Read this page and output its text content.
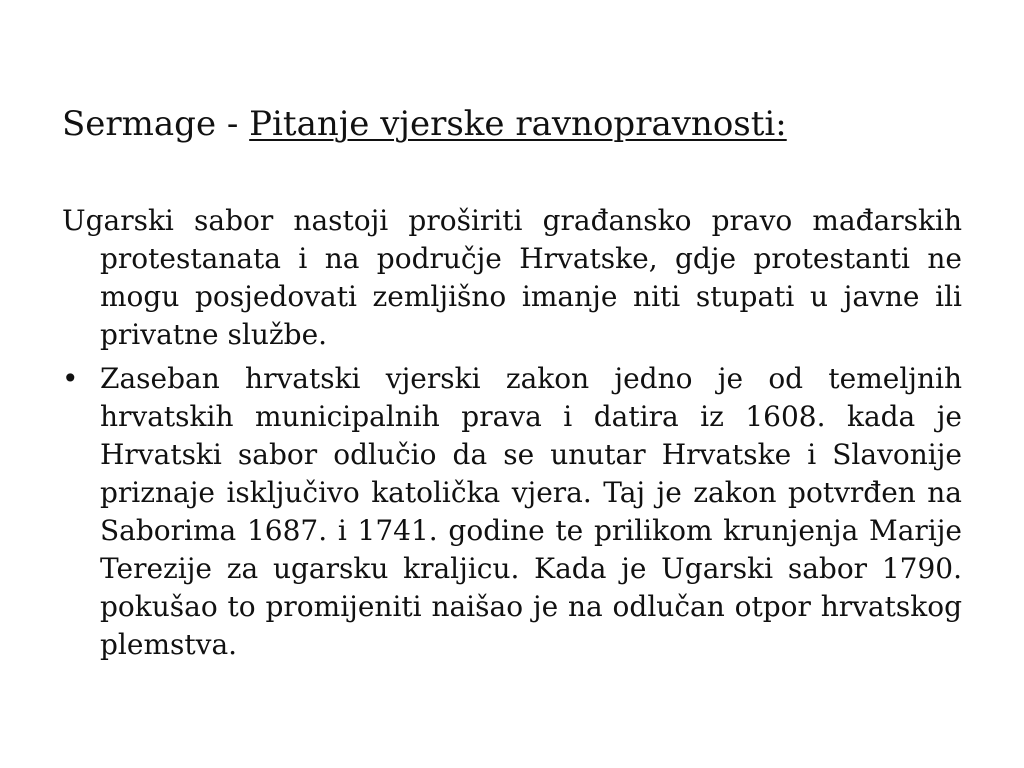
Sermage - Pitanje vjerske ravnopravnosti:

Ugarski sabor nastoji proširiti građansko pravo mađarskih protestanata i na područje Hrvatske, gdje protestanti ne mogu posjedovati zemljišno imanje niti stupati u javne ili privatne službe.

• Zaseban hrvatski vjerski zakon jedno je od temeljnih hrvatskih municipalnih prava i datira iz 1608. kada je Hrvatski sabor odlučio da se unutar Hrvatske i Slavonije priznaje isključivo katolička vjera. Taj je zakon potvrđen na Saborima 1687. i 1741. godine te prilikom krunjenja Marije Terezije za ugarsku kraljicu. Kada je Ugarski sabor 1790. pokušao to promijeniti naišao je na odlučan otpor hrvatskog plemstva.
